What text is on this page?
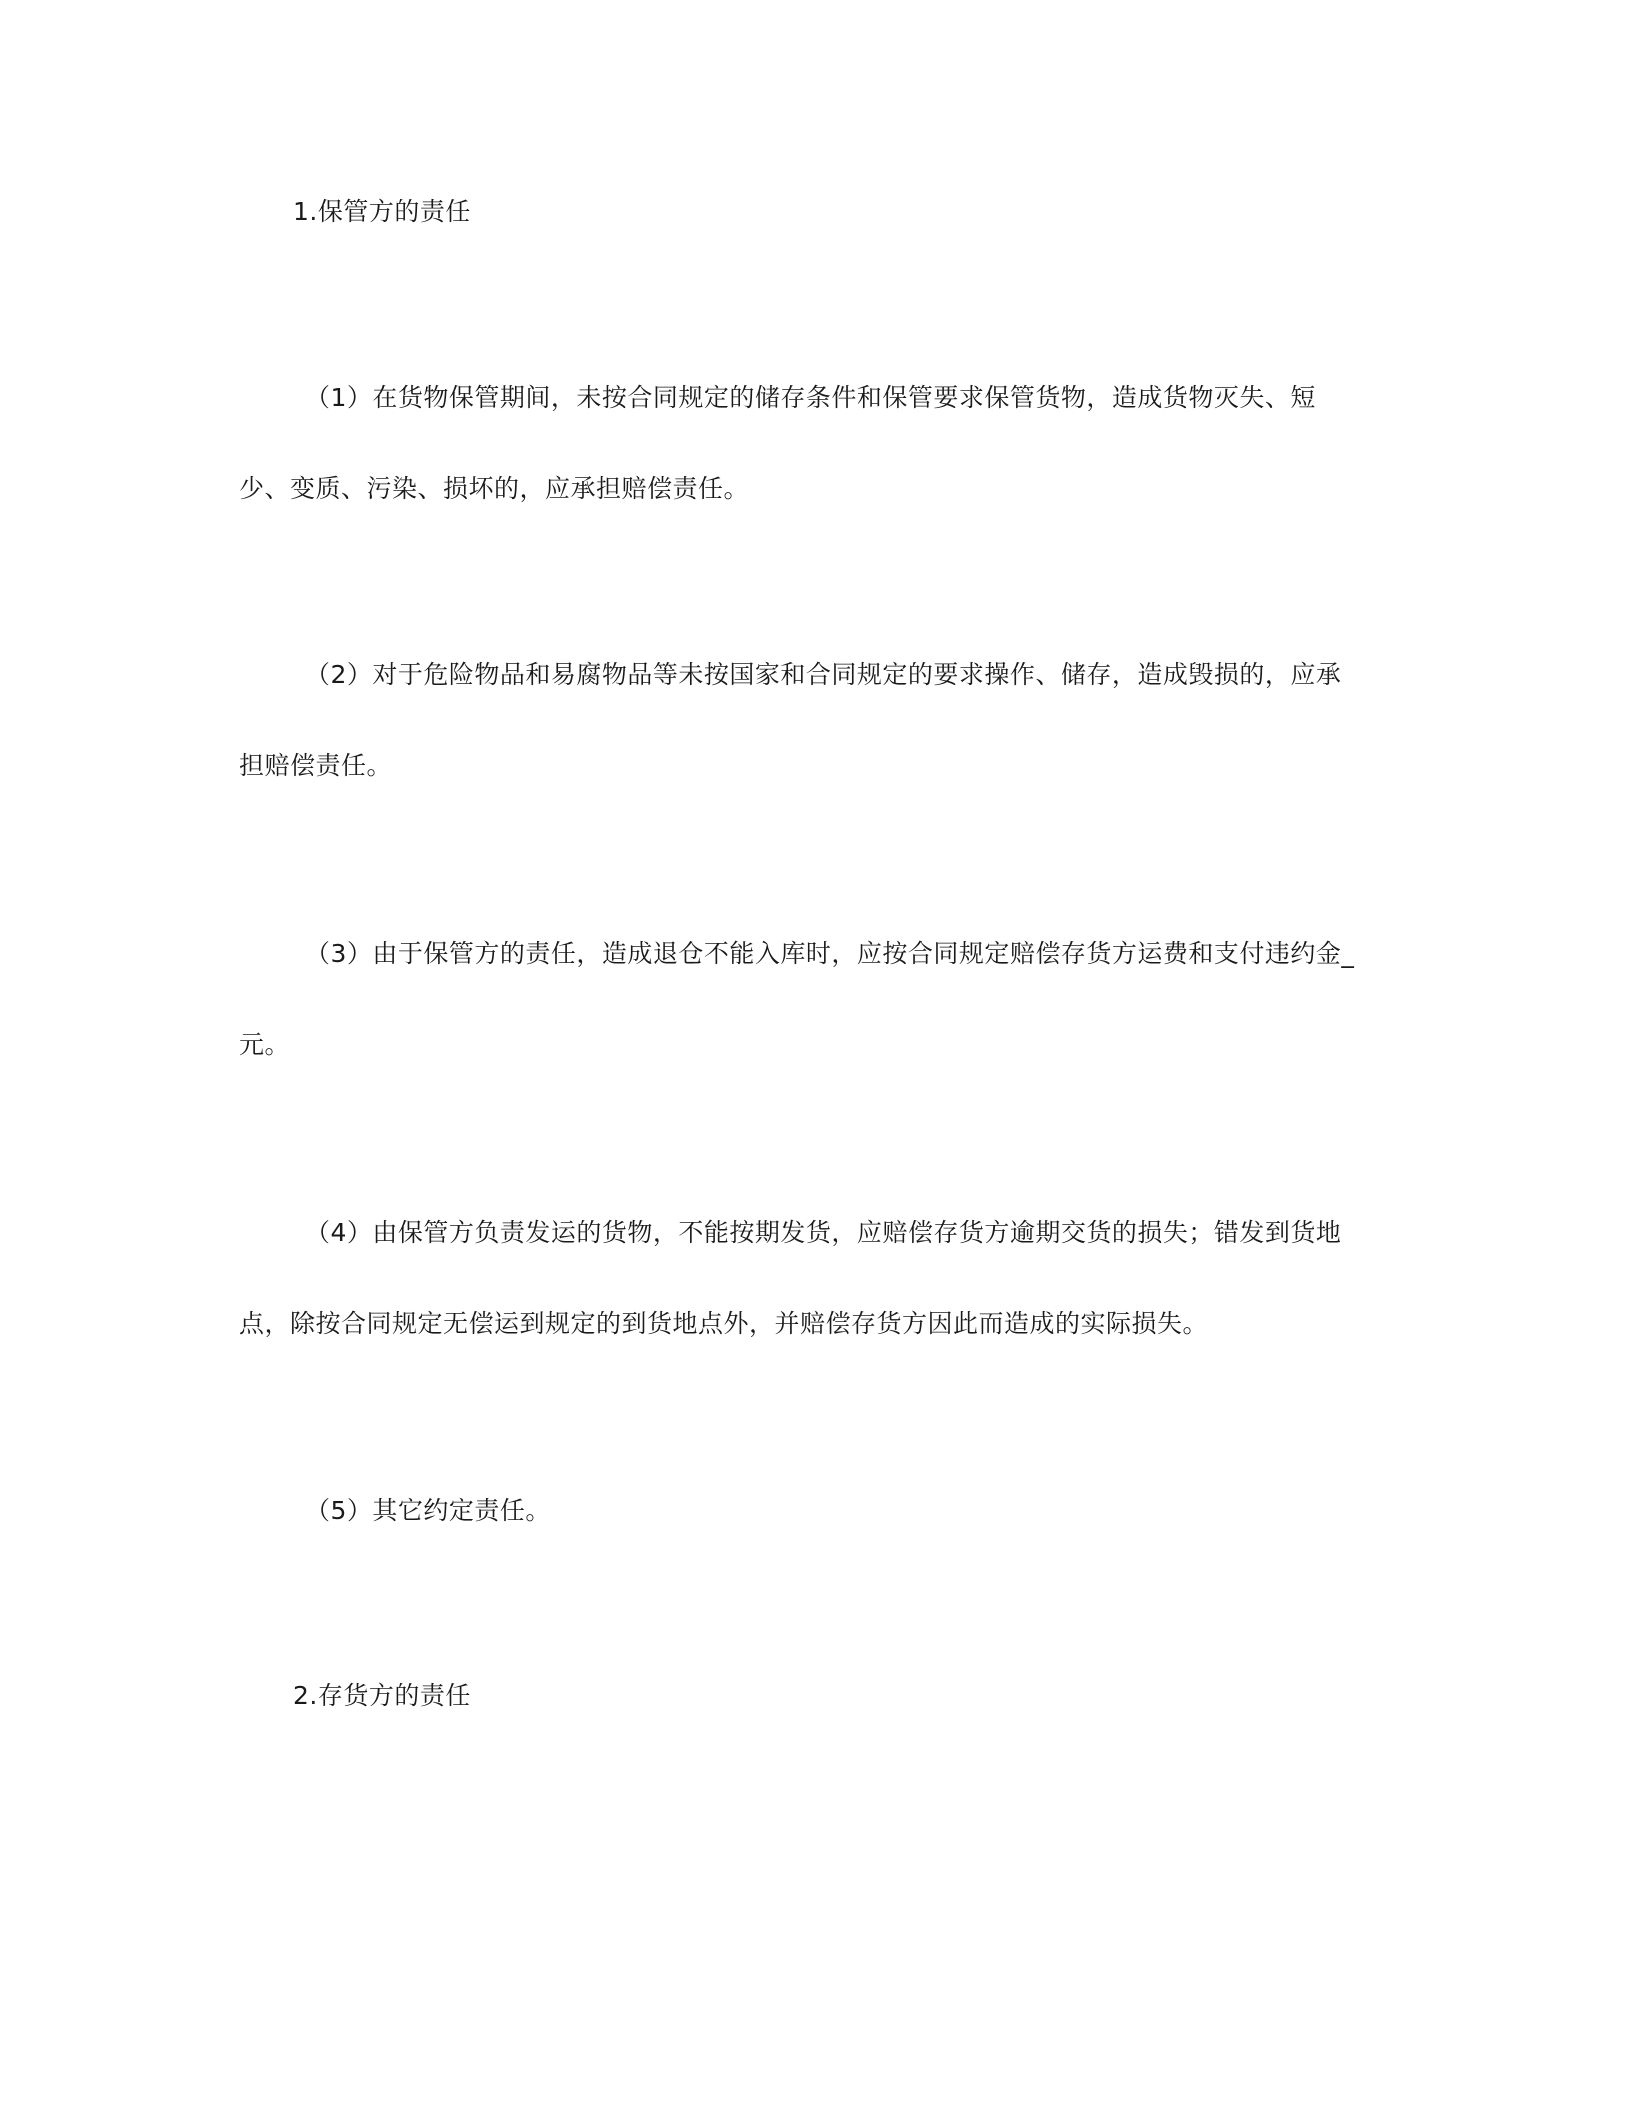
1.保管方的责任

（1）在货物保管期间，未按合同规定的储存条件和保管要求保管货物，造成货物灭失、短

少、变质、污染、损坏的，应承担赔偿责任。

（2）对于危险物品和易腐物品等未按国家和合同规定的要求操作、储存，造成毁损的，应承

担赔偿责任。

（3）由于保管方的责任，造成退仓不能入库时，应按合同规定赔偿存货方运费和支付违约金_

元。

（4）由保管方负责发运的货物，不能按期发货，应赔偿存货方逾期交货的损失；错发到货地

点，除按合同规定无偿运到规定的到货地点外，并赔偿存货方因此而造成的实际损失。

（5）其它约定责任。

2.存货方的责任
